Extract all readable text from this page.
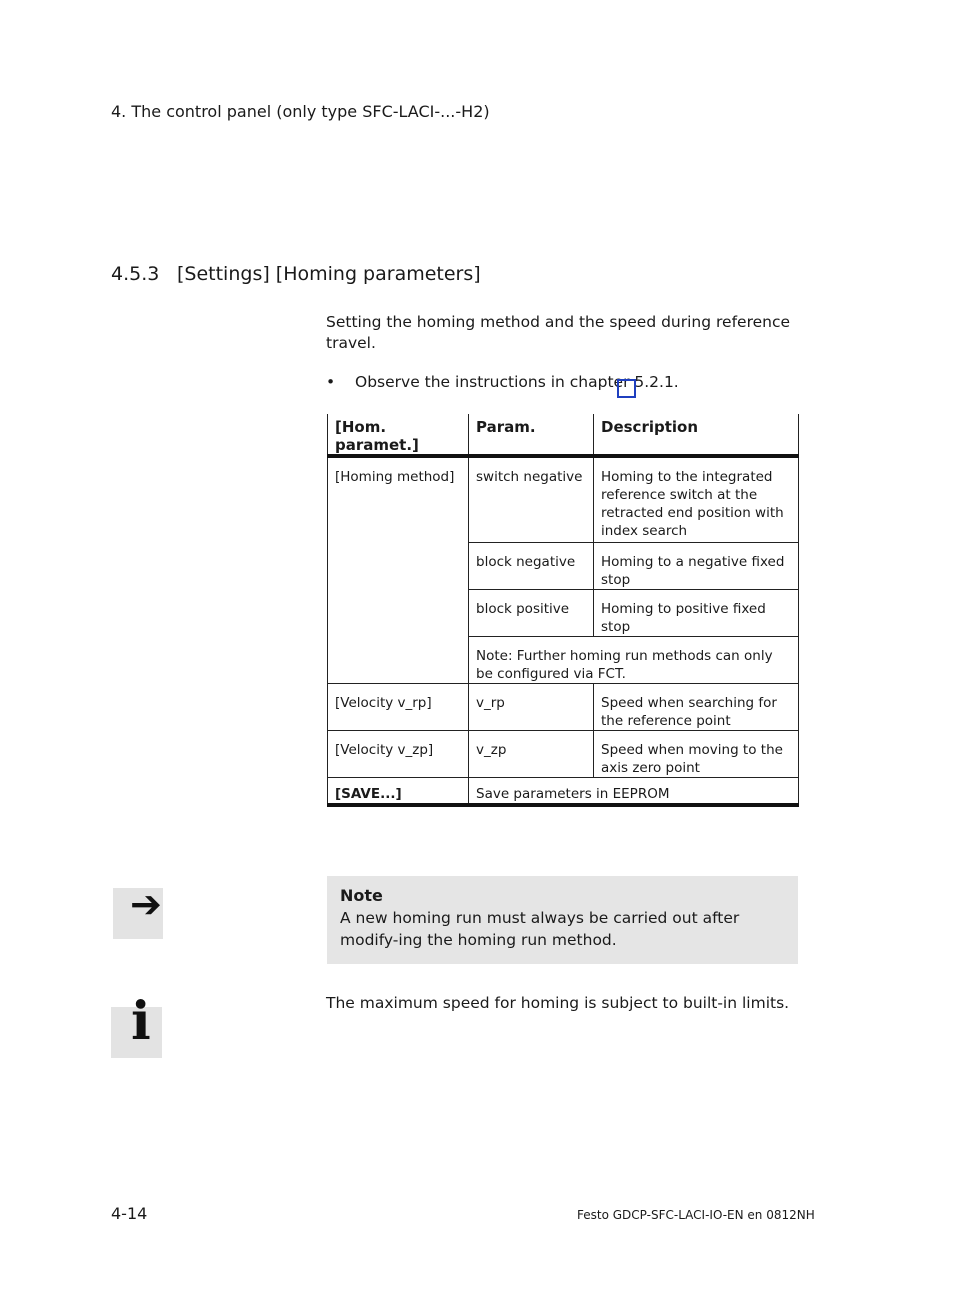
4. The control panel (only type SFC-LACI-...-H2)
4.5.3 [Settings] [Homing parameters]
Setting the homing method and the speed during reference travel.
• Observe the instructions in chapter 5.2.1.
[Hom. paramet.]	Param.	Description
[Homing method]	switch negative	Homing to the integrated reference switch at the retracted end position with index search
	block negative	Homing to a negative fixed stop
	block positive	Homing to positive fixed stop
	Note: Further homing run methods can only be configured via FCT.	
[Velocity v_rp]	v_rp	Speed when searching for the reference point
[Velocity v_zp]	v_zp	Speed when moving to the axis zero point
[SAVE...]	Save parameters in EEPROM	
➔	Note
A new homing run must always be carried out after modify-ing the homing run method.
i	The maximum speed for homing is subject to built-in limits.
4-14	Festo GDCP-SFC-LACI-IO-EN en 0812NH
